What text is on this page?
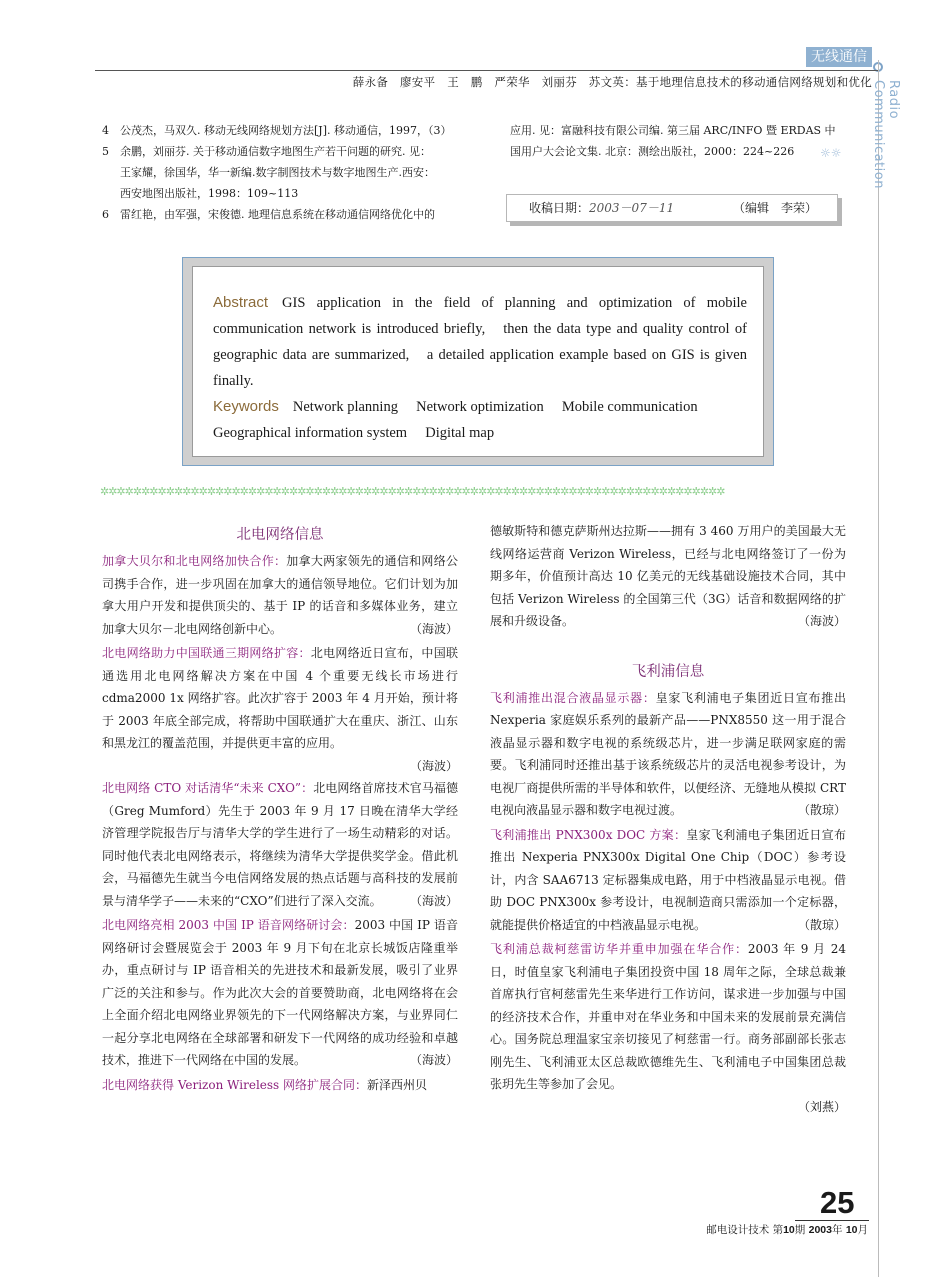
无线通信
Radio Communication
薛永备　廖安平　王　鹏　严荣华　刘丽芬　苏文英：基于地理信息技术的移动通信网络规划和优化
4 公茂杰，马双久. 移动无线网络规划方法[J]. 移动通信，1997，（3）
5 余鹏，刘丽芬. 关于移动通信数字地图生产若干问题的研究. 见：
王家耀，徐国华，华一新编.数字制图技术与数字地图生产.西安：
西安地图出版社，1998：109~113
6 雷红艳，由军强，宋俊德. 地理信息系统在移动通信网络优化中的
应用. 见：富融科技有限公司编. 第三届 ARC/INFO 暨 ERDAS 中
国用户大会论文集. 北京：测绘出版社，2000：224~226	☼☼
收稿日期：2003－07－11	（编辑　李荣）
Abstract GIS application in the field of planning and optimization of mobile communication network is introduced briefly,　then the data type and quality control of geographic data are summarized,　a detailed application example based on GIS is given finally.
Keywords Network planning　 Network optimization　 Mobile communication
Geographical information system　 Digital map
✲✲✲✲✲✲✲✲✲✲✲✲✲✲✲✲✲✲✲✲✲✲✲✲✲✲✲✲✲✲✲✲✲✲✲✲✲✲✲✲✲✲✲✲✲✲✲✲✲✲✲✲✲✲✲✲✲✲✲✲✲✲✲✲✲✲✲✲✲✲✲✲✲✲✲✲
北电网络信息

加拿大贝尔和北电网络加快合作：加拿大两家领先的通信和网络公司携手合作，进一步巩固在加拿大的通信领导地位。它们计划为加拿大用户开发和提供顶尖的、基于 IP 的话音和多媒体业务，建立加拿大贝尔－北电网络创新中心。	（海波）

北电网络助力中国联通三期网络扩容：北电网络近日宣布，中国联通选用北电网络解决方案在中国 4 个重要无线长市场进行 cdma2000 1x 网络扩容。此次扩容于 2003 年 4 月开始，预计将于 2003 年底全部完成，将帮助中国联通扩大在重庆、浙江、山东和黑龙江的覆盖范围，并提供更丰富的应用。

（海波）

北电网络 CTO 对话清华“未来 CXO”：北电网络首席技术官马福德（Greg Mumford）先生于 2003 年 9 月 17 日晚在清华大学经济管理学院报告厅与清华大学的学生进行了一场生动精彩的对话。同时他代表北电网络表示，将继续为清华大学提供奖学金。借此机会，马福德先生就当今电信网络发展的热点话题与高科技的发展前景与清华学子——未来的“CXO”们进行了深入交流。 （海波）

北电网络亮相 2003 中国 IP 语音网络研讨会：2003 中国 IP 语音网络研讨会暨展览会于 2003 年 9 月下旬在北京长城饭店隆重举办，重点研讨与 IP 语音相关的先进技术和最新发展，吸引了业界广泛的关注和参与。作为此次大会的首要赞助商，北电网络将在会上全面介绍北电网络业界领先的下一代网络解决方案，与业界同仁一起分享北电网络在全球部署和研发下一代网络的成功经验和卓越技术，推进下一代网络在中国的发展。	（海波）

北电网络获得 Verizon Wireless 网络扩展合同：新泽西州贝

德敏斯特和德克萨斯州达拉斯——拥有 3 460 万用户的美国最大无线网络运营商 Verizon Wireless，已经与北电网络签订了一份为期多年，价值预计高达 10 亿美元的无线基础设施技术合同，其中包括 Verizon Wireless 的全国第三代（3G）话音和数据网络的扩展和升级设备。	（海波）

飞利浦信息

飞利浦推出混合液晶显示器：皇家飞利浦电子集团近日宣布推出 Nexperia 家庭娱乐系列的最新产品——PNX8550 这一用于混合液晶显示器和数字电视的系统级芯片，进一步满足联网家庭的需要。飞利浦同时还推出基于该系统级芯片的灵活电视参考设计，为电视厂商提供所需的半导体和软件，以便经济、无缝地从模拟 CRT 电视向液晶显示器和数字电视过渡。	（散琼）

飞利浦推出 PNX300x DOC 方案：皇家飞利浦电子集团近日宣布推出 Nexperia PNX300x Digital One Chip（DOC）参考设计，内含 SAA6713 定标器集成电路，用于中档液晶显示电视。借助 DOC PNX300x 参考设计，电视制造商只需添加一个定标器，就能提供价格适宜的中档液晶显示电视。	（散琼）

飞利浦总裁柯慈雷访华并重申加强在华合作：2003 年 9 月 24 日，时值皇家飞利浦电子集团投资中国 18 周年之际，全球总裁兼首席执行官柯慈雷先生来华进行工作访问，谋求进一步加强与中国的经济技术合作，并重申对在华业务和中国未来的发展前景充满信心。国务院总理温家宝亲切接见了柯慈雷一行。商务部副部长张志刚先生、飞利浦亚太区总裁欧德维先生、飞利浦电子中国集团总裁张玥先生等参加了会见。

（刘燕）

25
邮电设计技术 第10期 2003年 10月
